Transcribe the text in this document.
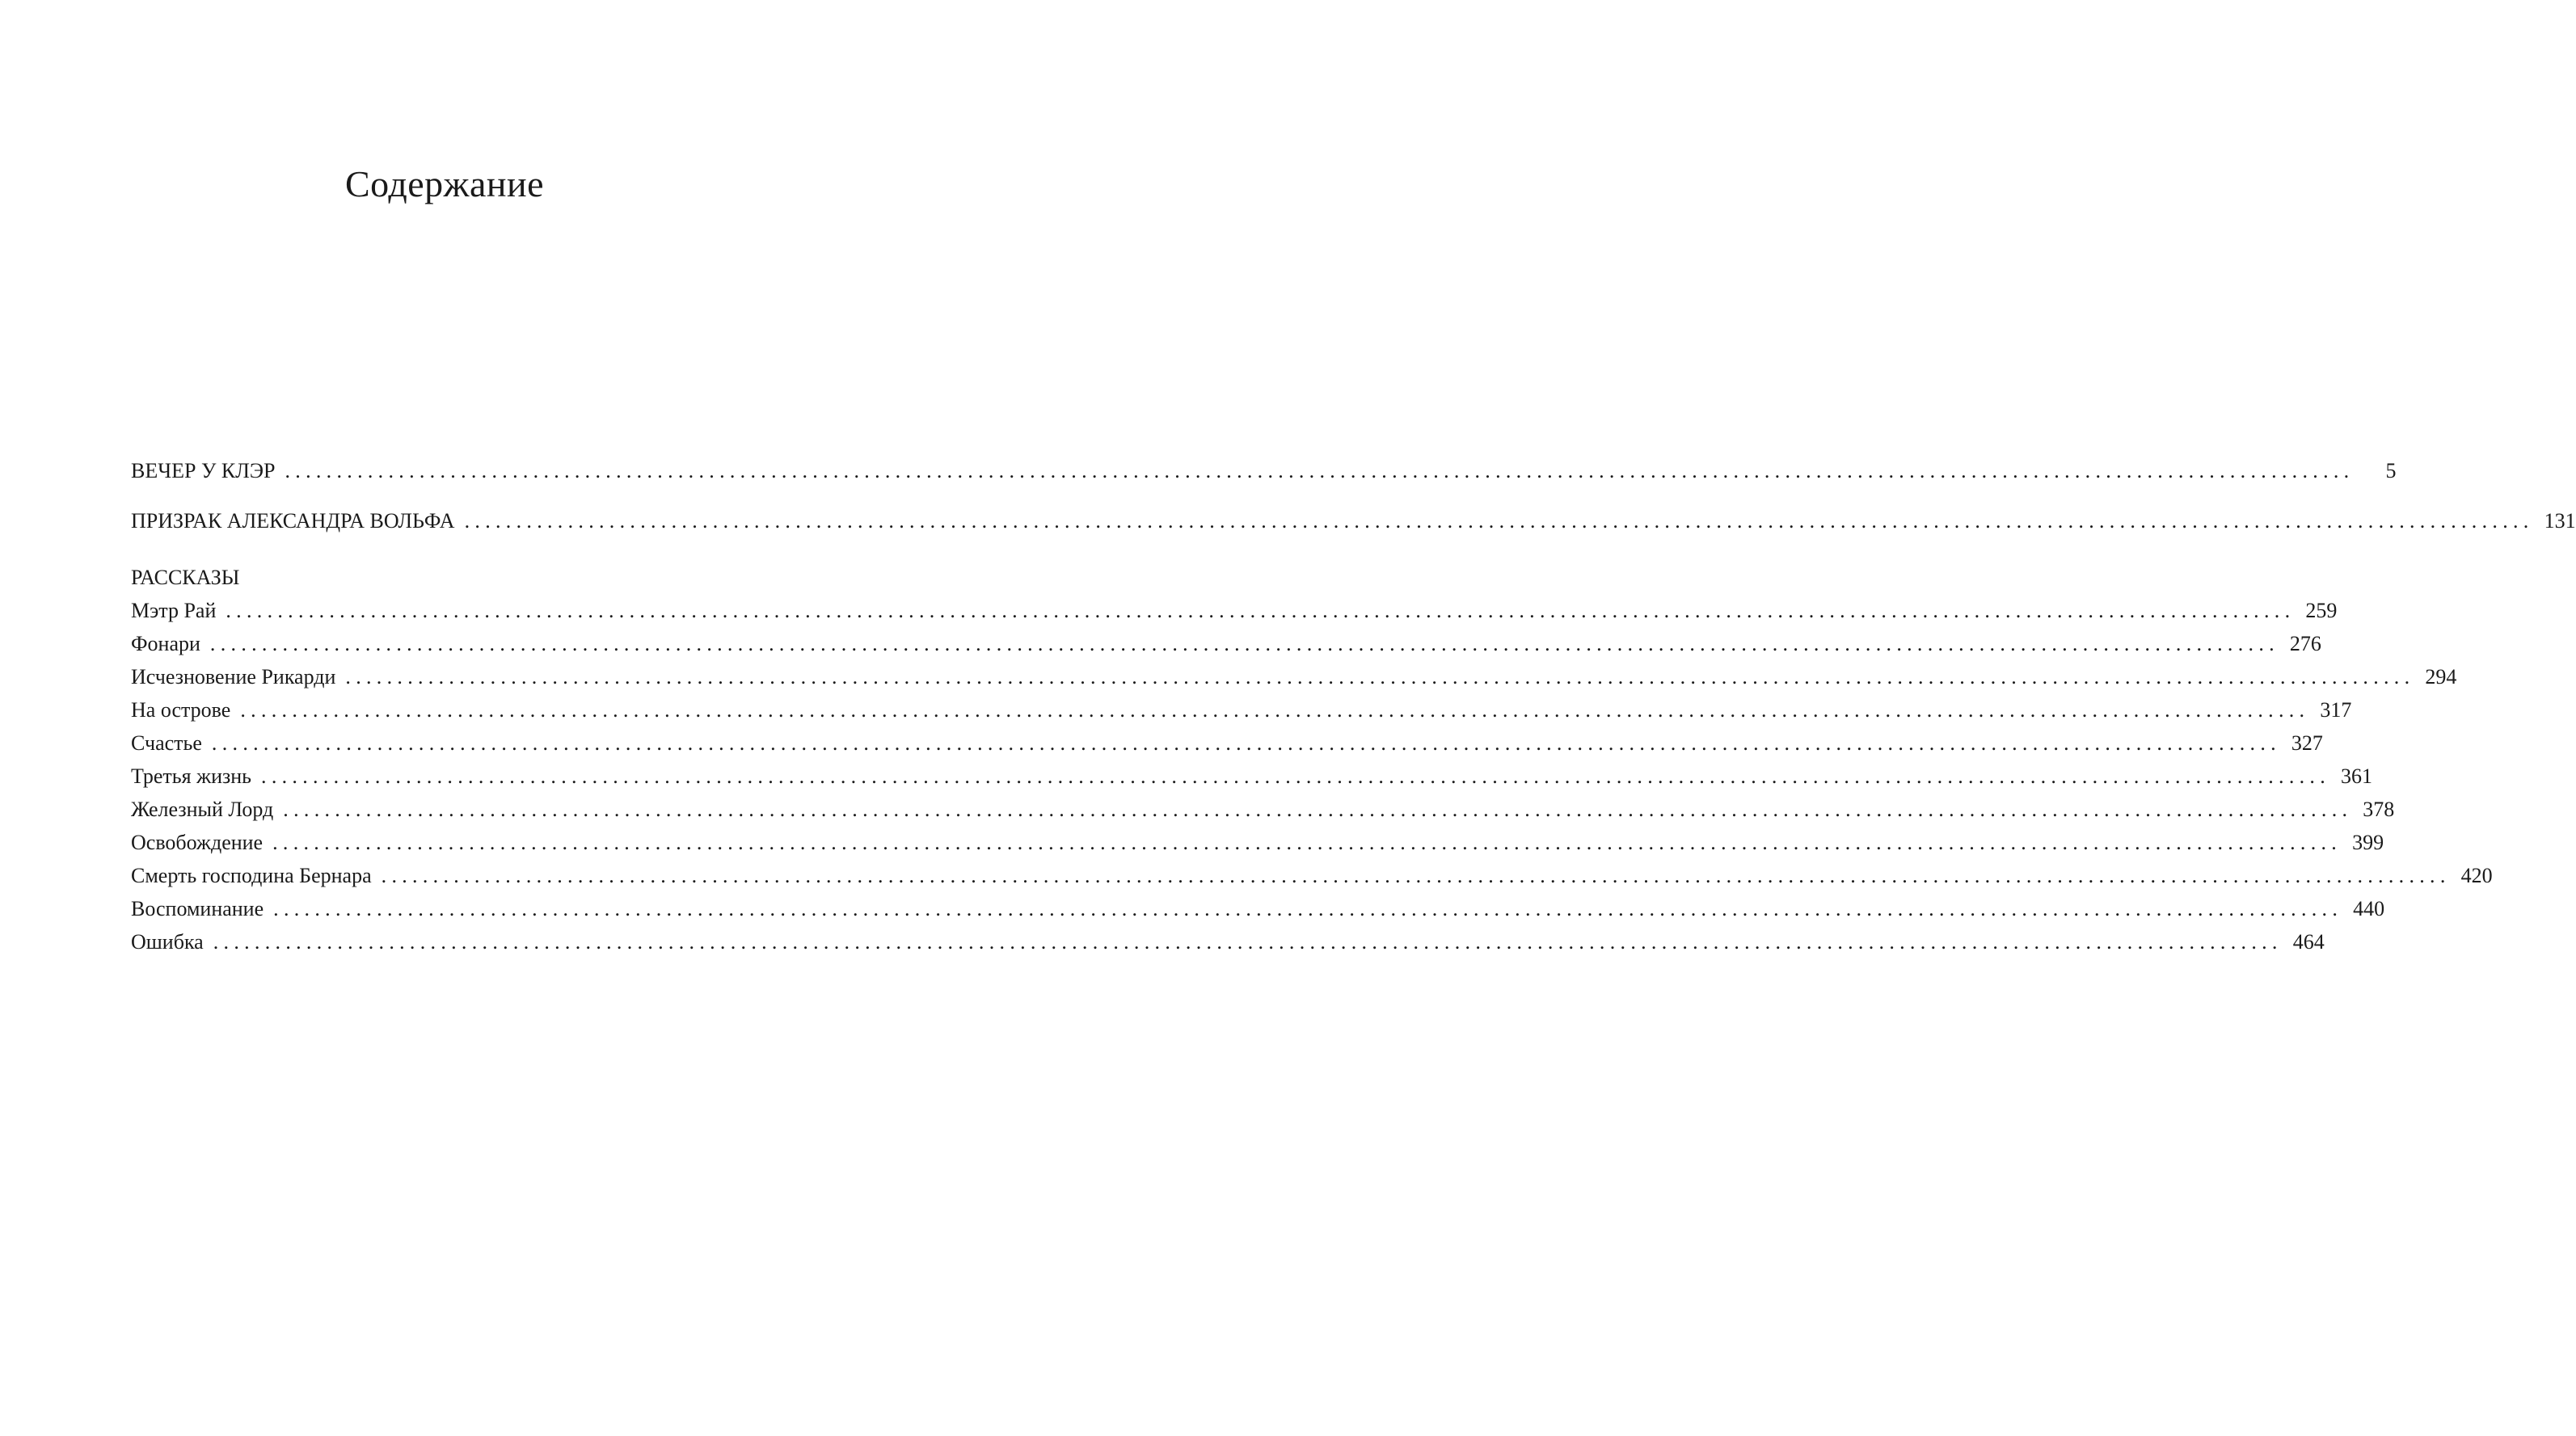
Содержание
ВЕЧЕР У КЛЭР ........................................................................................................................................................................................................	5
ПРИЗРАК АЛЕКСАНДРА ВОЛЬФА ........................................................................................................................................................................................................ 131
РАССКАЗЫ
Мэтр Рай ........................................................................................................................................................................................................ 259
Фонари ........................................................................................................................................................................................................ 276
Исчезновение Рикарди ........................................................................................................................................................................................................ 294
На острове ........................................................................................................................................................................................................ 317
Счастье ........................................................................................................................................................................................................ 327
Третья жизнь ........................................................................................................................................................................................................ 361
Железный Лорд ........................................................................................................................................................................................................ 378
Освобождение ........................................................................................................................................................................................................ 399
Смерть господина Бернара ........................................................................................................................................................................................................ 420
Воспоминание ........................................................................................................................................................................................................ 440
Ошибка ........................................................................................................................................................................................................ 464
